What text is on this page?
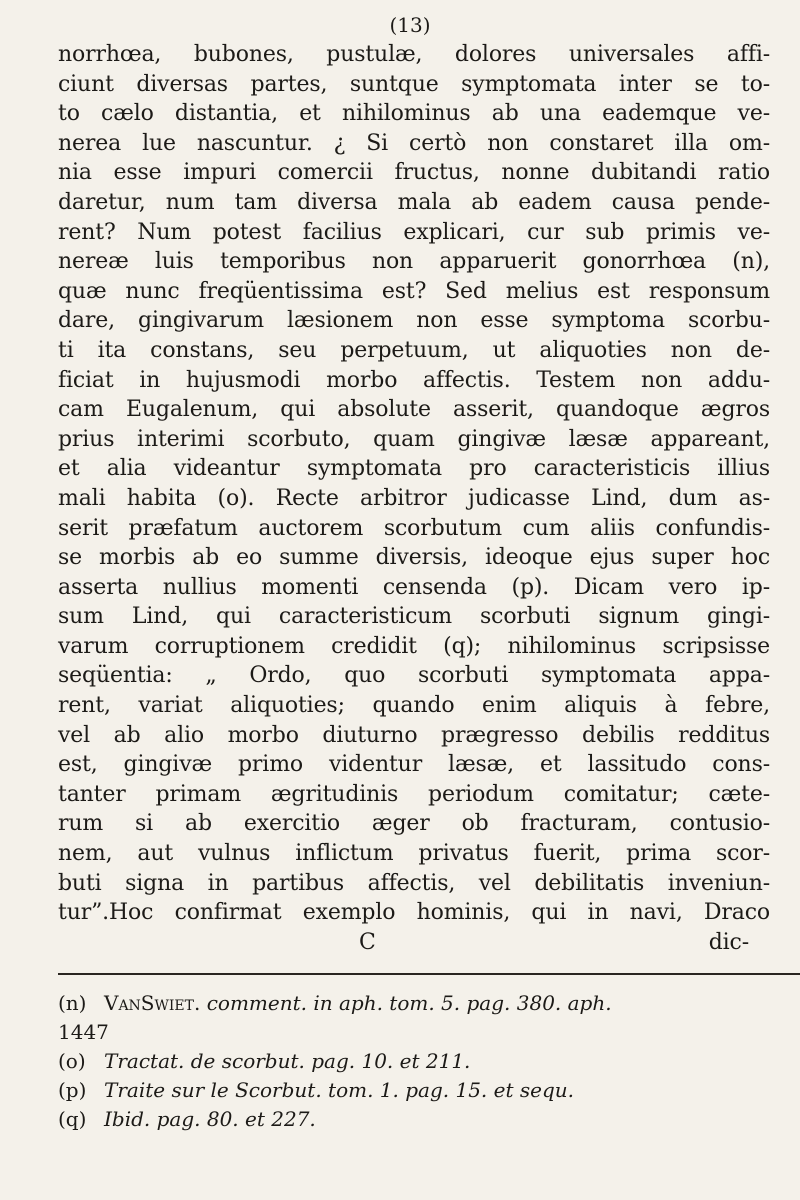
(13)
norrhœa, bubones, pustulæ, dolores universales affi-
ciunt diversas partes, suntque symptomata inter se to-
to cælo distantia, et nihilominus ab una eademque ve-
nerea lue nascuntur. ¿ Si certò non constaret illa om-
nia esse impuri comercii fructus, nonne dubitandi ratio
daretur, num tam diversa mala ab eadem causa pende-
rent? Num potest facilius explicari, cur sub primis ve-
nereæ luis temporibus non apparuerit gonorrhœa (n),
quæ nunc freqüentissima est? Sed melius est responsum
dare, gingivarum læsionem non esse symptoma scorbu-
ti ita constans, seu perpetuum, ut aliquoties non de-
ficiat in hujusmodi morbo affectis. Testem non addu-
cam Eugalenum, qui absolute asserit, quandoque ægros
prius interimi scorbuto, quam gingivæ læsæ appareant,
et alia videantur symptomata pro caracteristicis illius
mali habita (o). Recte arbitror judicasse Lind, dum as-
serit præfatum auctorem scorbutum cum aliis confundis-
se morbis ab eo summe diversis, ideoque ejus super hoc
asserta nullius momenti censenda (p). Dicam vero ip-
sum Lind, qui caracteristicum scorbuti signum gingi-
varum corruptionem credidit (q); nihilominus scripsisse
seqüentia: „ Ordo, quo scorbuti symptomata appa-
rent, variat aliquoties; quando enim aliquis à febre,
vel ab alio morbo diuturno prægresso debilis redditus
est, gingivæ primo videntur læsæ, et lassitudo cons-
tanter primam ægritudinis periodum comitatur; cæte-
rum si ab exercitio æger ob fracturam, contusio-
nem, aut vulnus inflictum privatus fuerit, prima scor-
buti signa in partibus affectis, vel debilitatis inveniun-
tur”.Hoc confirmat exemplo hominis, qui in navi, Draco
C	dic-
(n) VanSwiet. comment. in aph. tom. 5. pag. 380. aph.
1447
(o) Tractat. de scorbut. pag. 10. et 211.
(p) Traite sur le Scorbut. tom. 1. pag. 15. et sequ.
(q) Ibid. pag. 80. et 227.
